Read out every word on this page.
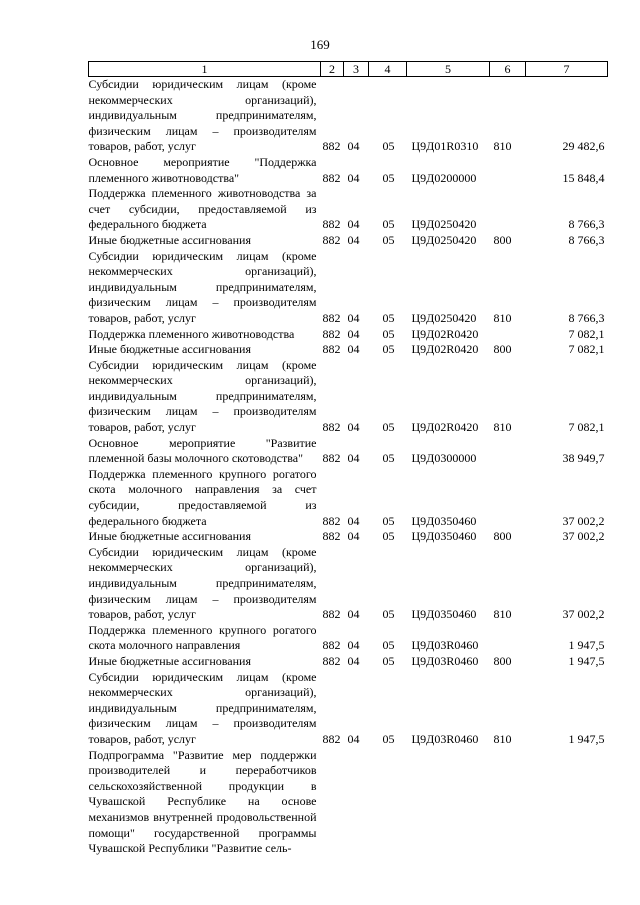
169
1	2	3	4	5	6	7
Субсидии юридическим лицам (кроме некоммерческих организаций), индивидуальным предпринимателям, физическим лицам – производителям товаров, работ, услуг	882	04	05	Ц9Д01R0310	810	29 482,6
Основное мероприятие "Поддержка племенного животноводства"	882	04	05	Ц9Д0200000		15 848,4
Поддержка племенного животноводства за счет субсидии, предоставляемой из федерального бюджета	882	04	05	Ц9Д0250420		8 766,3
Иные бюджетные ассигнования	882	04	05	Ц9Д0250420	800	8 766,3
Субсидии юридическим лицам (кроме некоммерческих организаций), индивидуальным предпринимателям, физическим лицам – производителям товаров, работ, услуг	882	04	05	Ц9Д0250420	810	8 766,3
Поддержка племенного животноводства	882	04	05	Ц9Д02R0420		7 082,1
Иные бюджетные ассигнования	882	04	05	Ц9Д02R0420	800	7 082,1
Субсидии юридическим лицам (кроме некоммерческих организаций), индивидуальным предпринимателям, физическим лицам – производителям товаров, работ, услуг	882	04	05	Ц9Д02R0420	810	7 082,1
Основное мероприятие "Развитие племенной базы молочного скотоводства"	882	04	05	Ц9Д0300000		38 949,7
Поддержка племенного крупного рогатого скота молочного направления за счет субсидии, предоставляемой из федерального бюджета	882	04	05	Ц9Д0350460		37 002,2
Иные бюджетные ассигнования	882	04	05	Ц9Д0350460	800	37 002,2
Субсидии юридическим лицам (кроме некоммерческих организаций), индивидуальным предпринимателям, физическим лицам – производителям товаров, работ, услуг	882	04	05	Ц9Д0350460	810	37 002,2
Поддержка племенного крупного рогатого скота молочного направления	882	04	05	Ц9Д03R0460		1 947,5
Иные бюджетные ассигнования	882	04	05	Ц9Д03R0460	800	1 947,5
Субсидии юридическим лицам (кроме некоммерческих организаций), индивидуальным предпринимателям, физическим лицам – производителям товаров, работ, услуг	882	04	05	Ц9Д03R0460	810	1 947,5
Подпрограмма "Развитие мер поддержки производителей и переработчиков сельскохозяйственной продукции в Чувашской Республике на основе механизмов внутренней продовольственной помощи" государственной программы Чувашской Республики "Развитие сель-						
